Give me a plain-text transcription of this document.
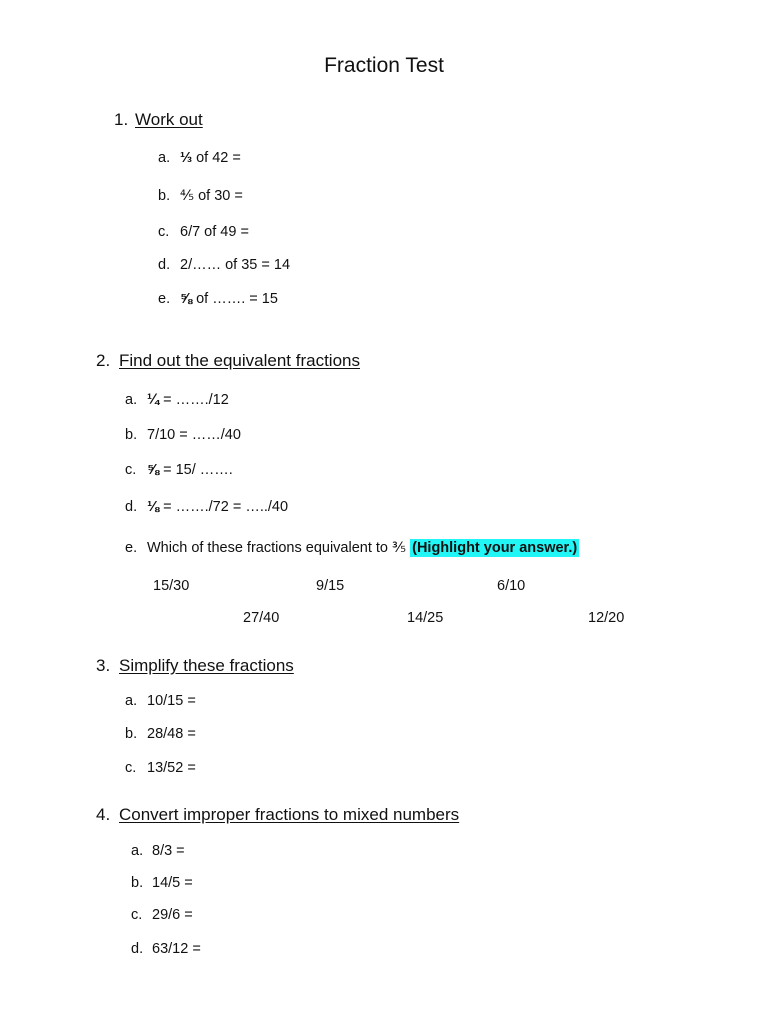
Fraction Test
1. Work out
a. ⅓ of 42 =
b. ⅘ of 30 =
c. 6/7 of 49 =
d. 2/…… of 35 = 14
e. ⅝ of ……. = 15
2. Find out the equivalent fractions
a. ¼ = ……./12
b. 7/10 = ……/40
c. ⅝ = 15/ …….
d. ⅛ = ……./72 = …../40
e. Which of these fractions equivalent to ⅗ (Highlight your answer.)
15/30	9/15	6/10
27/40	14/25	12/20
3. Simplify these fractions
a. 10/15 =
b. 28/48 =
c. 13/52 =
4. Convert improper fractions to mixed numbers
a. 8/3 =
b. 14/5 =
c. 29/6 =
d. 63/12 =
